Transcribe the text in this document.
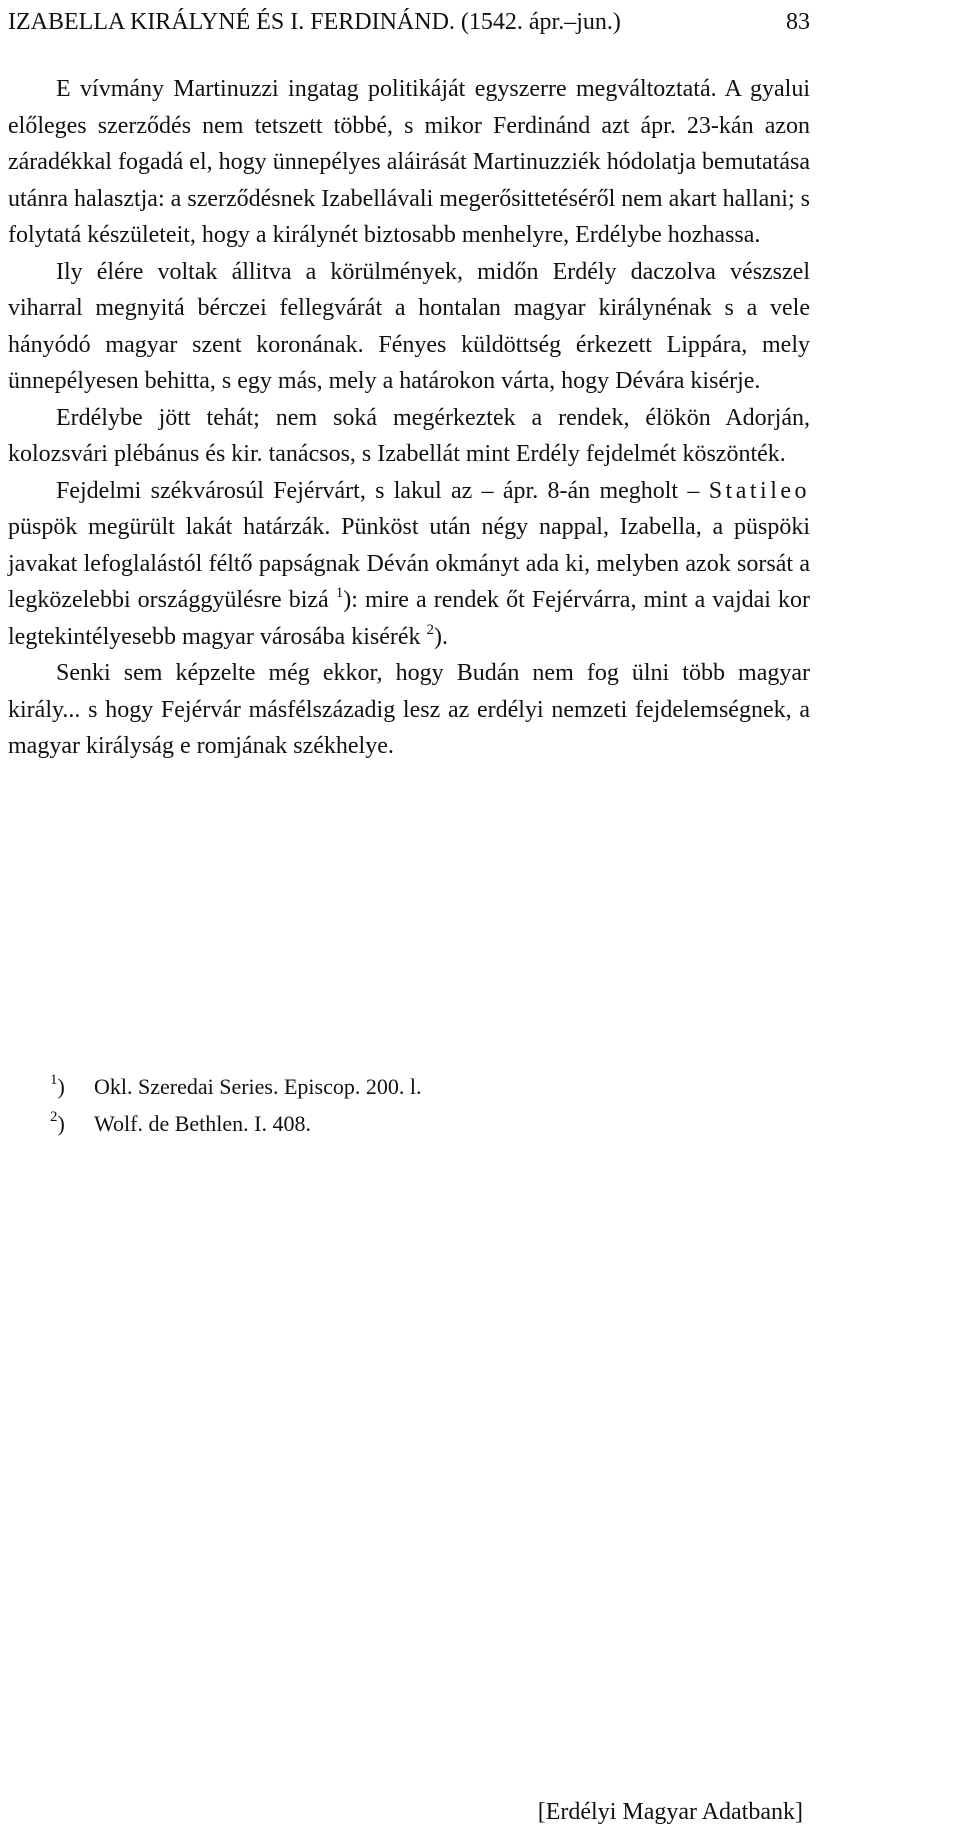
IZABELLA KIRÁLYNÉ ÉS I. FERDINÁND. (1542. ápr.–jun.)	83

E vívmány Martinuzzi ingatag politikáját egyszerre megváltoztatá. A gyalui előleges szerződés nem tetszett többé, s mikor Ferdinánd azt ápr. 23-kán azon záradékkal fogadá el, hogy ünnepélyes aláirását Martinuzziék hódolatja bemutatása utánra halasztja: a szerződésnek Izabellávali megerősittetéséről nem akart hallani; s folytatá készületeit, hogy a királynét biztosabb menhelyre, Erdélybe hozhassa.

Ily élére voltak állitva a körülmények, midőn Erdély daczolva vészszel viharral megnyitá bérczei fellegvárát a hontalan magyar királynénak s a vele hányódó magyar szent koronának. Fényes küldöttség érkezett Lippára, mely ünnepélyesen behitta, s egy más, mely a határokon várta, hogy Dévára kisérje.

Erdélybe jött tehát; nem soká megérkeztek a rendek, élökön Adorján, kolozsvári plébánus és kir. tanácsos, s Izabellát mint Erdély fejdelmét köszönték.

Fejdelmi székvárosúl Fejérvárt, s lakul az – ápr. 8-án megholt – Statileo püspök megürült lakát határzák. Pünköst után négy nappal, Izabella, a püspöki javakat lefoglalástól féltő papságnak Déván okmányt ada ki, melyben azok sorsát a legközelebbi országgyülésre bizá $^1$): mire a rendek őt Fejérvárra, mint a vajdai kor legtekintélyesebb magyar városába kisérék $^2$).

Senki sem képzelte még ekkor, hogy Budán nem fog ülni több magyar király... s hogy Fejérvár másfélszázadig lesz az erdélyi nemzeti fejdelemségnek, a magyar királyság e romjának székhelye.

$^1$) Okl. Szeredai Series. Episcop. 200. l.
$^2$) Wolf. de Bethlen. I. 408.
[Erdélyi Magyar Adatbank]
